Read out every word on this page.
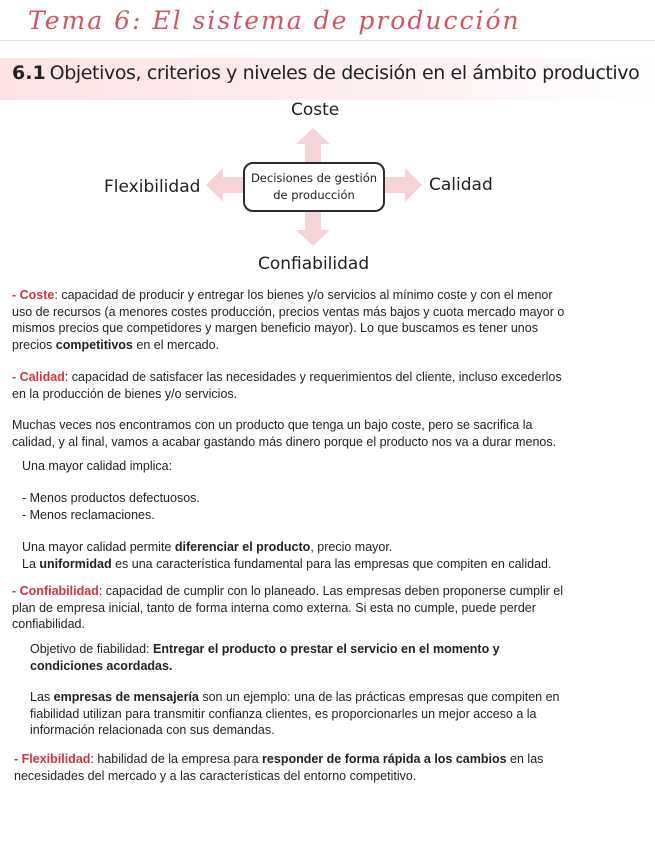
Tema 6: El sistema de producción
6.1 Objetivos, criterios y niveles de decisión en el ámbito productivo
Coste
Flexibilidad	Calidad
Confiabilidad
Decisiones de gestión
de producción
- Coste: capacidad de producir y entregar los bienes y/o servicios al mínimo coste y con el menor
uso de recursos (a menores costes producción, precios ventas más bajos y cuota mercado mayor o
mismos precios que competidores y margen beneficio mayor). Lo que buscamos es tener unos
precios competitivos en el mercado.
- Calidad: capacidad de satisfacer las necesidades y requerimientos del cliente, incluso excederlos
en la producción de bienes y/o servicios.
Muchas veces nos encontramos con un producto que tenga un bajo coste, pero se sacrifica la
calidad, y al final, vamos a acabar gastando más dinero porque el producto nos va a durar menos.
Una mayor calidad implica:
- Menos productos defectuosos.
- Menos reclamaciones.
Una mayor calidad permite diferenciar el producto, precio mayor.
La uniformidad es una característica fundamental para las empresas que compiten en calidad.
- Confiabilidad: capacidad de cumplir con lo planeado. Las empresas deben proponerse cumplir el
plan de empresa inicial, tanto de forma interna como externa. Si esta no cumple, puede perder
confiabilidad.
Objetivo de fiabilidad: Entregar el producto o prestar el servicio en el momento y
condiciones acordadas.
Las empresas de mensajería son un ejemplo: una de las prácticas empresas que compiten en
fiabilidad utilizan para transmitir confianza clientes, es proporcionarles un mejor acceso a la
información relacionada con sus demandas.
- Flexibilidad: habilidad de la empresa para responder de forma rápida a los cambios en las
necesidades del mercado y a las características del entorno competitivo.
